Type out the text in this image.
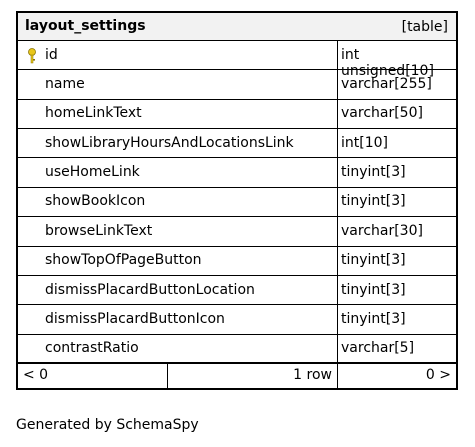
layout_settings	[table]
id	int unsigned[10]
name	varchar[255]
homeLinkText	varchar[50]
showLibraryHoursAndLocationsLink	int[10]
useHomeLink	tinyint[3]
showBookIcon	tinyint[3]
browseLinkText	varchar[30]
showTopOfPageButton	tinyint[3]
dismissPlacardButtonLocation	tinyint[3]
dismissPlacardButtonIcon	tinyint[3]
contrastRatio	varchar[5]
< 0	1 row	0 >
Generated by SchemaSpy
